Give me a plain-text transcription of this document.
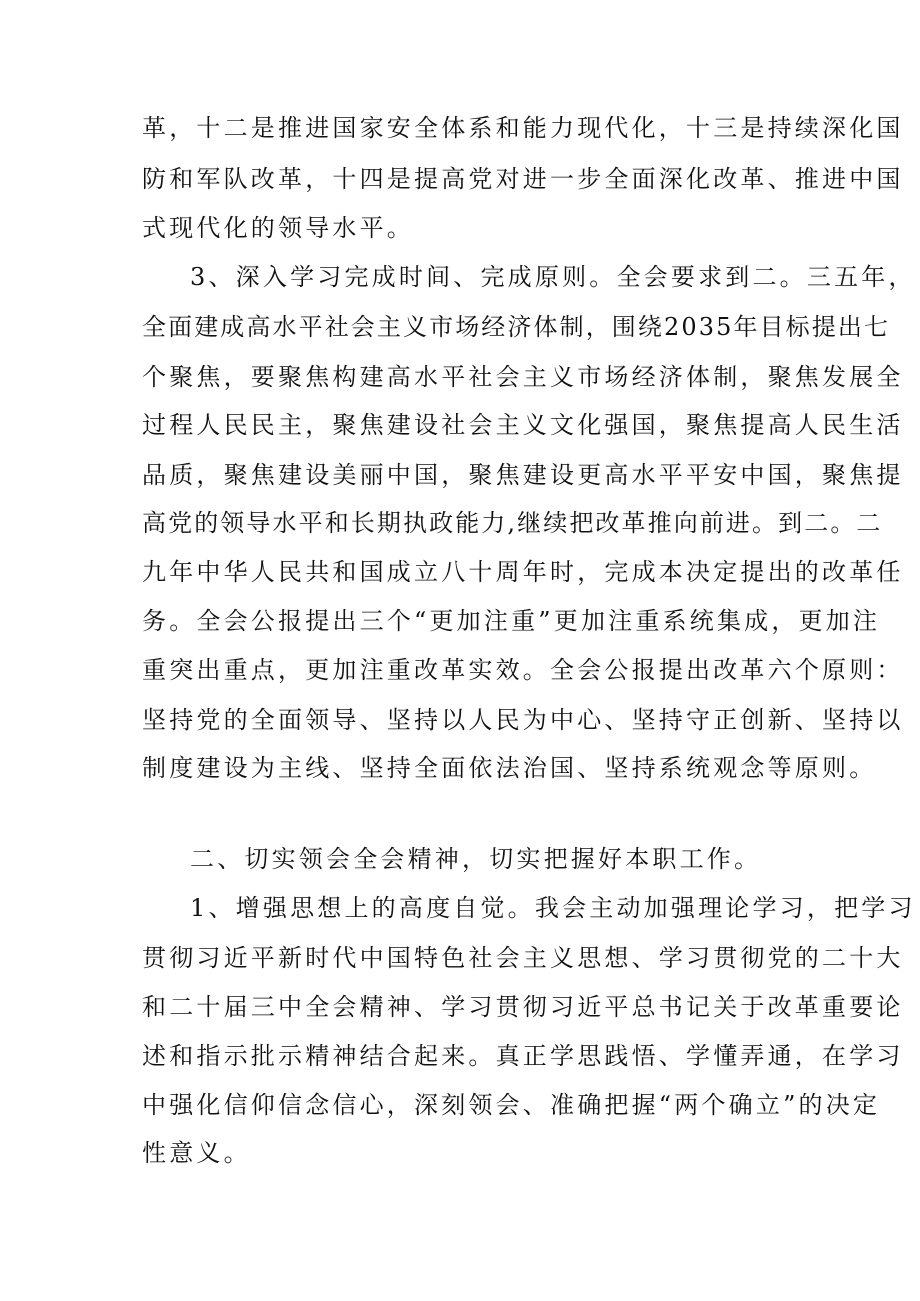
革，十二是推进国家安全体系和能力现代化，十三是持续深化国
防和军队改革，十四是提高党对进一步全面深化改革、推进中国
式现代化的领导水平。
3、深入学习完成时间、完成原则。全会要求到二。三五年，
全面建成高水平社会主义市场经济体制，围绕2035年目标提出七
个聚焦，要聚焦构建高水平社会主义市场经济体制，聚焦发展全
过程人民民主，聚焦建设社会主义文化强国，聚焦提高人民生活
品质，聚焦建设美丽中国，聚焦建设更高水平平安中国，聚焦提
高党的领导水平和长期执政能力,继续把改革推向前进。到二。二
九年中华人民共和国成立八十周年时，完成本决定提出的改革任
务。全会公报提出三个“更加注重”更加注重系统集成，更加注
重突出重点，更加注重改革实效。全会公报提出改革六个原则：
坚持党的全面领导、坚持以人民为中心、坚持守正创新、坚持以
制度建设为主线、坚持全面依法治国、坚持系统观念等原则。
二、切实领会全会精神，切实把握好本职工作。
1、增强思想上的高度自觉。我会主动加强理论学习，把学习
贯彻习近平新时代中国特色社会主义思想、学习贯彻党的二十大
和二十届三中全会精神、学习贯彻习近平总书记关于改革重要论
述和指示批示精神结合起来。真正学思践悟、学懂弄通，在学习
中强化信仰信念信心，深刻领会、准确把握“两个确立”的决定
性意义。
